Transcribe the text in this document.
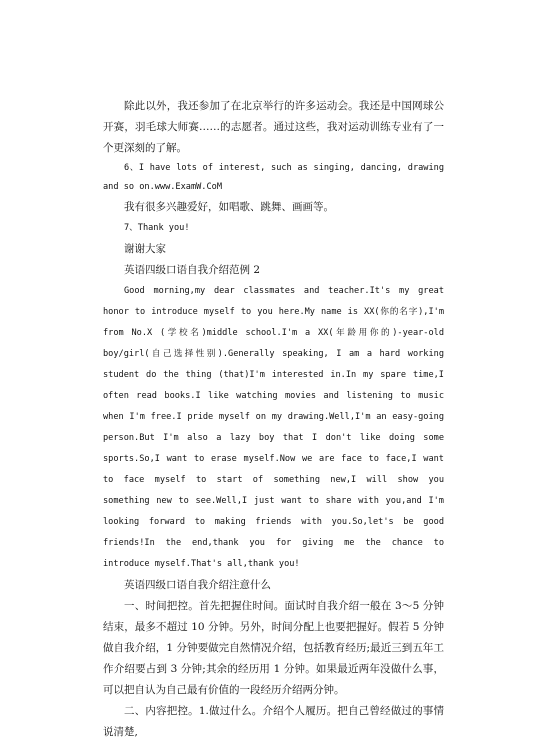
除此以外，我还参加了在北京举行的许多运动会。我还是中国网球公开赛，羽毛球大师赛……的志愿者。通过这些，我对运动训练专业有了一个更深刻的了解。

6、I have lots of interest, such as singing, dancing, drawing and so on.www.ExamW.CoM

我有很多兴趣爱好，如唱歌、跳舞、画画等。

7、Thank you!

谢谢大家

英语四级口语自我介绍范例 2

Good morning,my dear classmates and teacher.It's my great honor to introduce myself to you here.My name is XX(你的名字),I'm from No.X (学校名)middle school.I'm a XX(年龄用你的)-year-old boy/girl(自己选择性别).Generally speaking, I am a hard working student do the thing (that)I'm interested in.In my spare time,I often read books.I like watching movies and listening to music when I'm free.I pride myself on my drawing.Well,I'm an easy-going person.But I'm also a lazy boy that I don't like doing some sports.So,I want to erase myself.Now we are face to face,I want to face myself to start of something new,I will show you something new to see.Well,I just want to share with you,and I'm looking forward to making friends with you.So,let's be good friends!In the end,thank you for giving me the chance to introduce myself.That's all,thank you!

英语四级口语自我介绍注意什么

一、时间把控。首先把握住时间。面试时自我介绍一般在 3～5 分钟结束，最多不超过 10 分钟。另外，时间分配上也要把握好。假若 5 分钟做自我介绍，1 分钟要做完自然情况介绍，包括教育经历;最近三到五年工作介绍要占到 3 分钟;其余的经历用 1 分钟。如果最近两年没做什么事，可以把自认为自己最有价值的一段经历介绍两分钟。

二、内容把控。1.做过什么。介绍个人履历。把自己曾经做过的事情说清楚,
